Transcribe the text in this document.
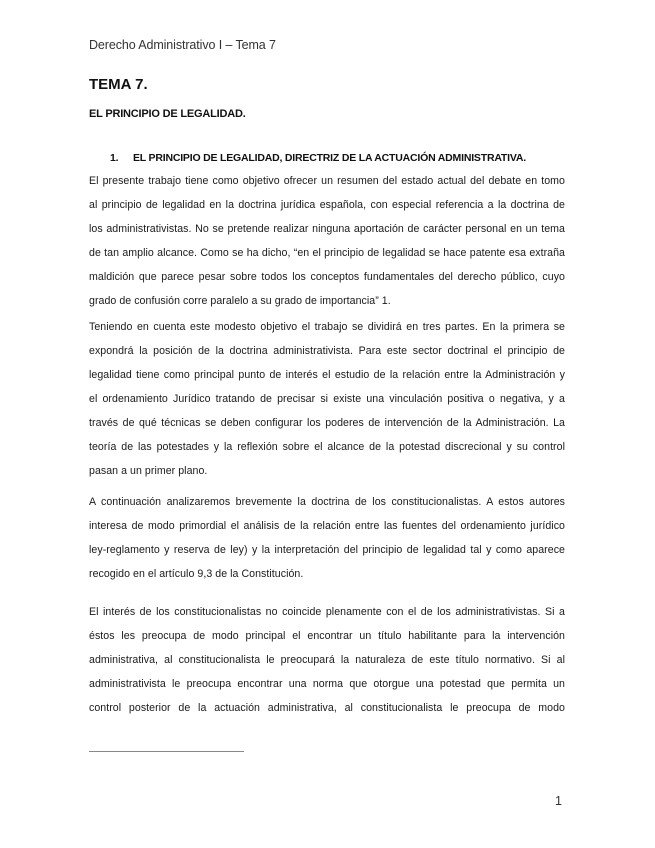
Derecho Administrativo I – Tema 7
TEMA 7.
EL PRINCIPIO DE LEGALIDAD.
1. EL PRINCIPIO DE LEGALIDAD, DIRECTRIZ DE LA ACTUACIÓN ADMINISTRATIVA.
El presente trabajo tiene como objetivo ofrecer un resumen del estado actual del debate en tomo
al principio de legalidad en la doctrina jurídica española, con especial referencia a la doctrina de
los administrativistas. No se pretende realizar ninguna aportación de carácter personal en un tema
de tan amplio alcance. Como se ha dicho, “en el principio de legalidad se hace patente esa extraña
maldición que parece pesar sobre todos los conceptos fundamentales del derecho público, cuyo
grado de confusión corre paralelo a su grado de importancia” 1.
Teniendo en cuenta este modesto objetivo el trabajo se dividirá en tres partes. En la primera se
expondrá la posición de la doctrina administrativista. Para este sector doctrinal el principio de
legalidad tiene como principal punto de interés el estudio de la relación entre la Administración y
el ordenamiento Jurídico tratando de precisar si existe una vinculación positiva o negativa, y a
través de qué técnicas se deben configurar los poderes de intervención de la Administración. La
teoría de las potestades y la reflexión sobre el alcance de la potestad discrecional y su control
pasan a un primer plano.
A continuación analizaremos brevemente la doctrina de los constitucionalistas. A estos autores
interesa de modo primordial el análisis de la relación entre las fuentes del ordenamiento jurídico
ley-reglamento y reserva de ley) y la interpretación del principio de legalidad tal y como aparece
recogido en el artículo 9,3 de la Constitución.
El interés de los constitucionalistas no coincide plenamente con el de los administrativistas. Si a
éstos les preocupa de modo principal el encontrar un título habilitante para la intervención
administrativa, al constitucionalista le preocupará la naturaleza de este título normativo. Si al
administrativista le preocupa encontrar una norma que otorgue una potestad que permita un
control posterior de la actuación administrativa, al constitucionalista le preocupa de modo
1
